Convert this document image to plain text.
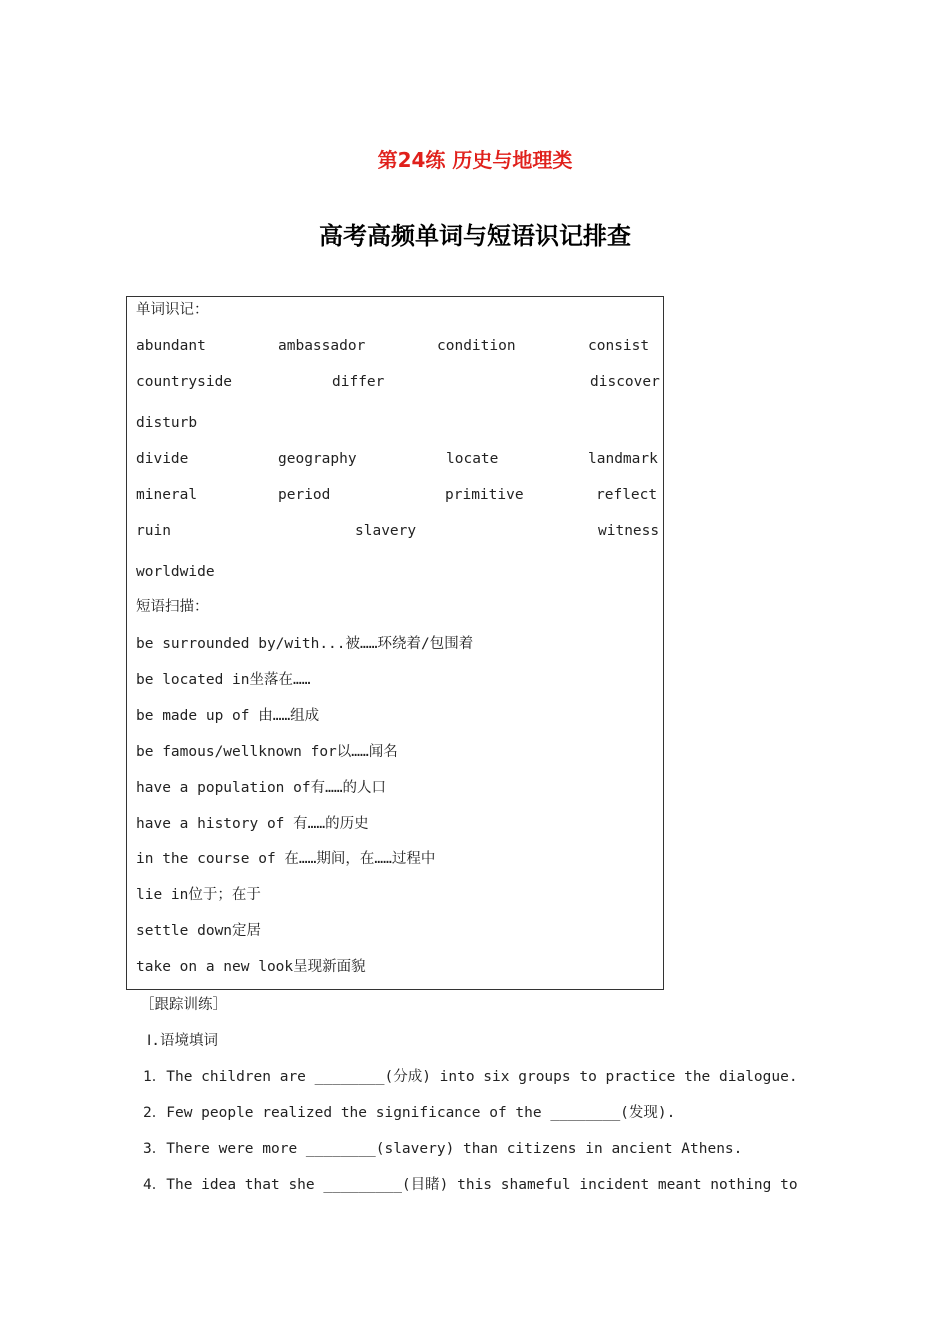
第24练 历史与地理类
高考高频单词与短语识记排查
单词识记：
abundant	ambassador	condition	consist
countryside	differ	discover
disturb
divide	geography	locate	landmark
mineral	period	primitive	reflect
ruin	slavery	witness
worldwide
短语扫描：
be surrounded by/with...被……环绕着/包围着
be located in坐落在……
be made up of 由……组成
be famous/wellknown for以……闻名
have a population of有……的人口
have a history of 有……的历史
in the course of 在……期间，在……过程中
lie in位于；在于
settle down定居
take on a new look呈现新面貌
［跟踪训练］
Ⅰ.语境填词
1．The children are ________(分成) into six groups to practice the dialogue.
2．Few people realized the significance of the ________(发现).
3．There were more ________(slavery) than citizens in ancient Athens.
4．The idea that she _________(目睹) this shameful incident meant nothing to
